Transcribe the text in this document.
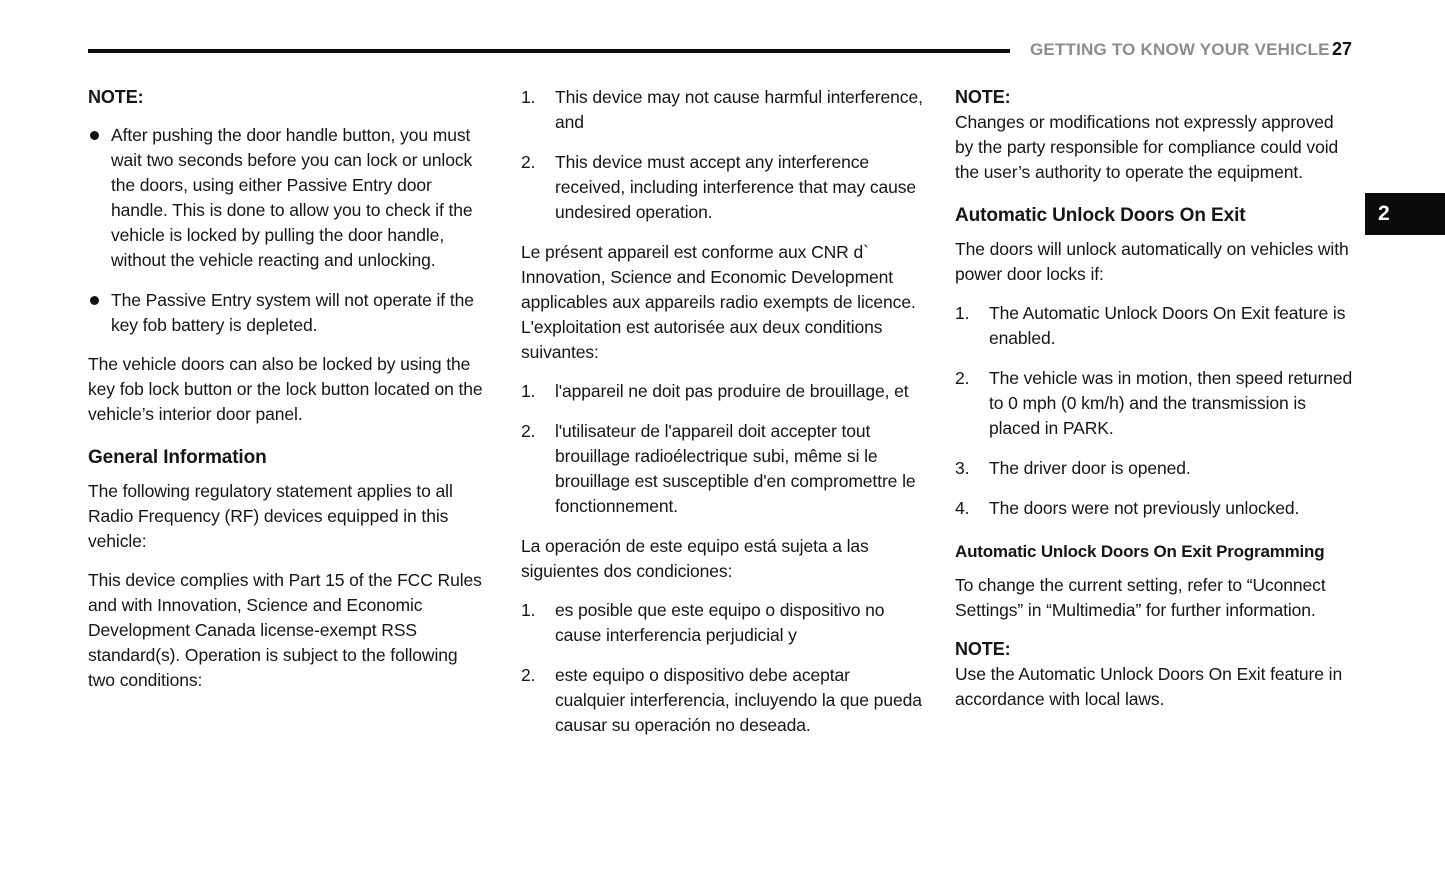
GETTING TO KNOW YOUR VEHICLE 27
2

NOTE:

After pushing the door handle button, you must wait two seconds before you can lock or unlock the doors, using either Passive Entry door handle. This is done to allow you to check if the vehicle is locked by pulling the door handle, without the vehicle reacting and unlocking.
The Passive Entry system will not operate if the key fob battery is depleted.

The vehicle doors can also be locked by using the key fob lock button or the lock button located on the vehicle’s interior door panel.

General Information

The following regulatory statement applies to all Radio Frequency (RF) devices equipped in this vehicle:

This device complies with Part 15 of the FCC Rules and with Innovation, Science and Economic Development Canada license-exempt RSS standard(s). Operation is subject to the following two conditions:

1.	This device may not cause harmful interference, and
2.	This device must accept any interference received, including interference that may cause undesired operation.

Le présent appareil est conforme aux CNR d` Innovation, Science and Economic Development applicables aux appareils radio exempts de licence. L'exploitation est autorisée aux deux conditions suivantes:

1.	l'appareil ne doit pas produire de brouillage, et
2.	l'utilisateur de l'appareil doit accepter tout brouillage radioélectrique subi, même si le brouillage est susceptible d'en compromettre le fonctionnement.

La operación de este equipo está sujeta a las siguientes dos condiciones:

1.	es posible que este equipo o dispositivo no cause interferencia perjudicial y
2.	este equipo o dispositivo debe aceptar cualquier interferencia, incluyendo la que pueda causar su operación no deseada.

NOTE:

Changes or modifications not expressly approved by the party responsible for compliance could void the user’s authority to operate the equipment.

Automatic Unlock Doors On Exit

The doors will unlock automatically on vehicles with power door locks if:

1.	The Automatic Unlock Doors On Exit feature is enabled.
2.	The vehicle was in motion, then speed returned to 0 mph (0 km/h) and the transmission is placed in PARK.
3.	The driver door is opened.
4.	The doors were not previously unlocked.
Automatic Unlock Doors On Exit Programming

To change the current setting, refer to “Uconnect Settings” in “Multimedia” for further information.

NOTE:

Use the Automatic Unlock Doors On Exit feature in accordance with local laws.
